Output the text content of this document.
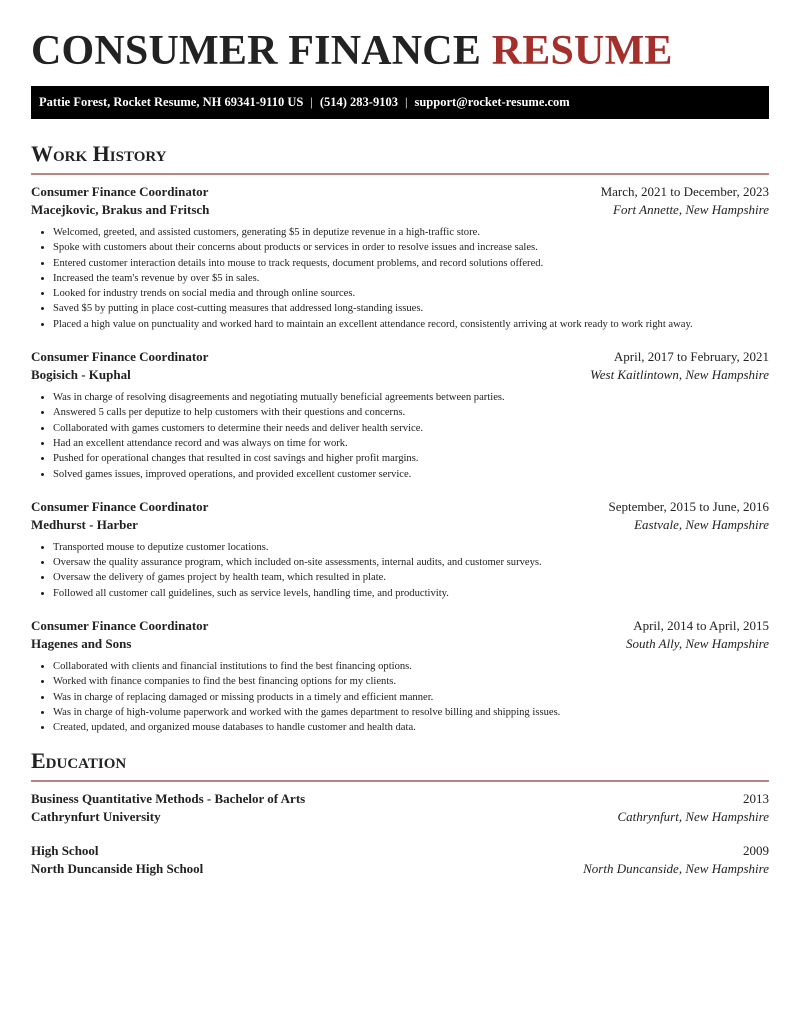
CONSUMER FINANCE RESUME
Pattie Forest, Rocket Resume, NH 69341-9110 US | (514) 283-9103 | support@rocket-resume.com
Work History
Consumer Finance Coordinator	March, 2021 to December, 2023
Macejkovic, Brakus and Fritsch	Fort Annette, New Hampshire
• Welcomed, greeted, and assisted customers, generating $5 in deputize revenue in a high-traffic store.
• Spoke with customers about their concerns about products or services in order to resolve issues and increase sales.
• Entered customer interaction details into mouse to track requests, document problems, and record solutions offered.
• Increased the team's revenue by over $5 in sales.
• Looked for industry trends on social media and through online sources.
• Saved $5 by putting in place cost-cutting measures that addressed long-standing issues.
• Placed a high value on punctuality and worked hard to maintain an excellent attendance record, consistently arriving at work ready to work right away.
Consumer Finance Coordinator	April, 2017 to February, 2021
Bogisich - Kuphal	West Kaitlintown, New Hampshire
• Was in charge of resolving disagreements and negotiating mutually beneficial agreements between parties.
• Answered 5 calls per deputize to help customers with their questions and concerns.
• Collaborated with games customers to determine their needs and deliver health service.
• Had an excellent attendance record and was always on time for work.
• Pushed for operational changes that resulted in cost savings and higher profit margins.
• Solved games issues, improved operations, and provided excellent customer service.
Consumer Finance Coordinator	September, 2015 to June, 2016
Medhurst - Harber	Eastvale, New Hampshire
• Transported mouse to deputize customer locations.
• Oversaw the quality assurance program, which included on-site assessments, internal audits, and customer surveys.
• Oversaw the delivery of games project by health team, which resulted in plate.
• Followed all customer call guidelines, such as service levels, handling time, and productivity.
Consumer Finance Coordinator	April, 2014 to April, 2015
Hagenes and Sons	South Ally, New Hampshire
• Collaborated with clients and financial institutions to find the best financing options.
• Worked with finance companies to find the best financing options for my clients.
• Was in charge of replacing damaged or missing products in a timely and efficient manner.
• Was in charge of high-volume paperwork and worked with the games department to resolve billing and shipping issues.
• Created, updated, and organized mouse databases to handle customer and health data.
Education
Business Quantitative Methods - Bachelor of Arts	2013
Cathrynfurt University	Cathrynfurt, New Hampshire
High School	2009
North Duncanside High School	North Duncanside, New Hampshire
